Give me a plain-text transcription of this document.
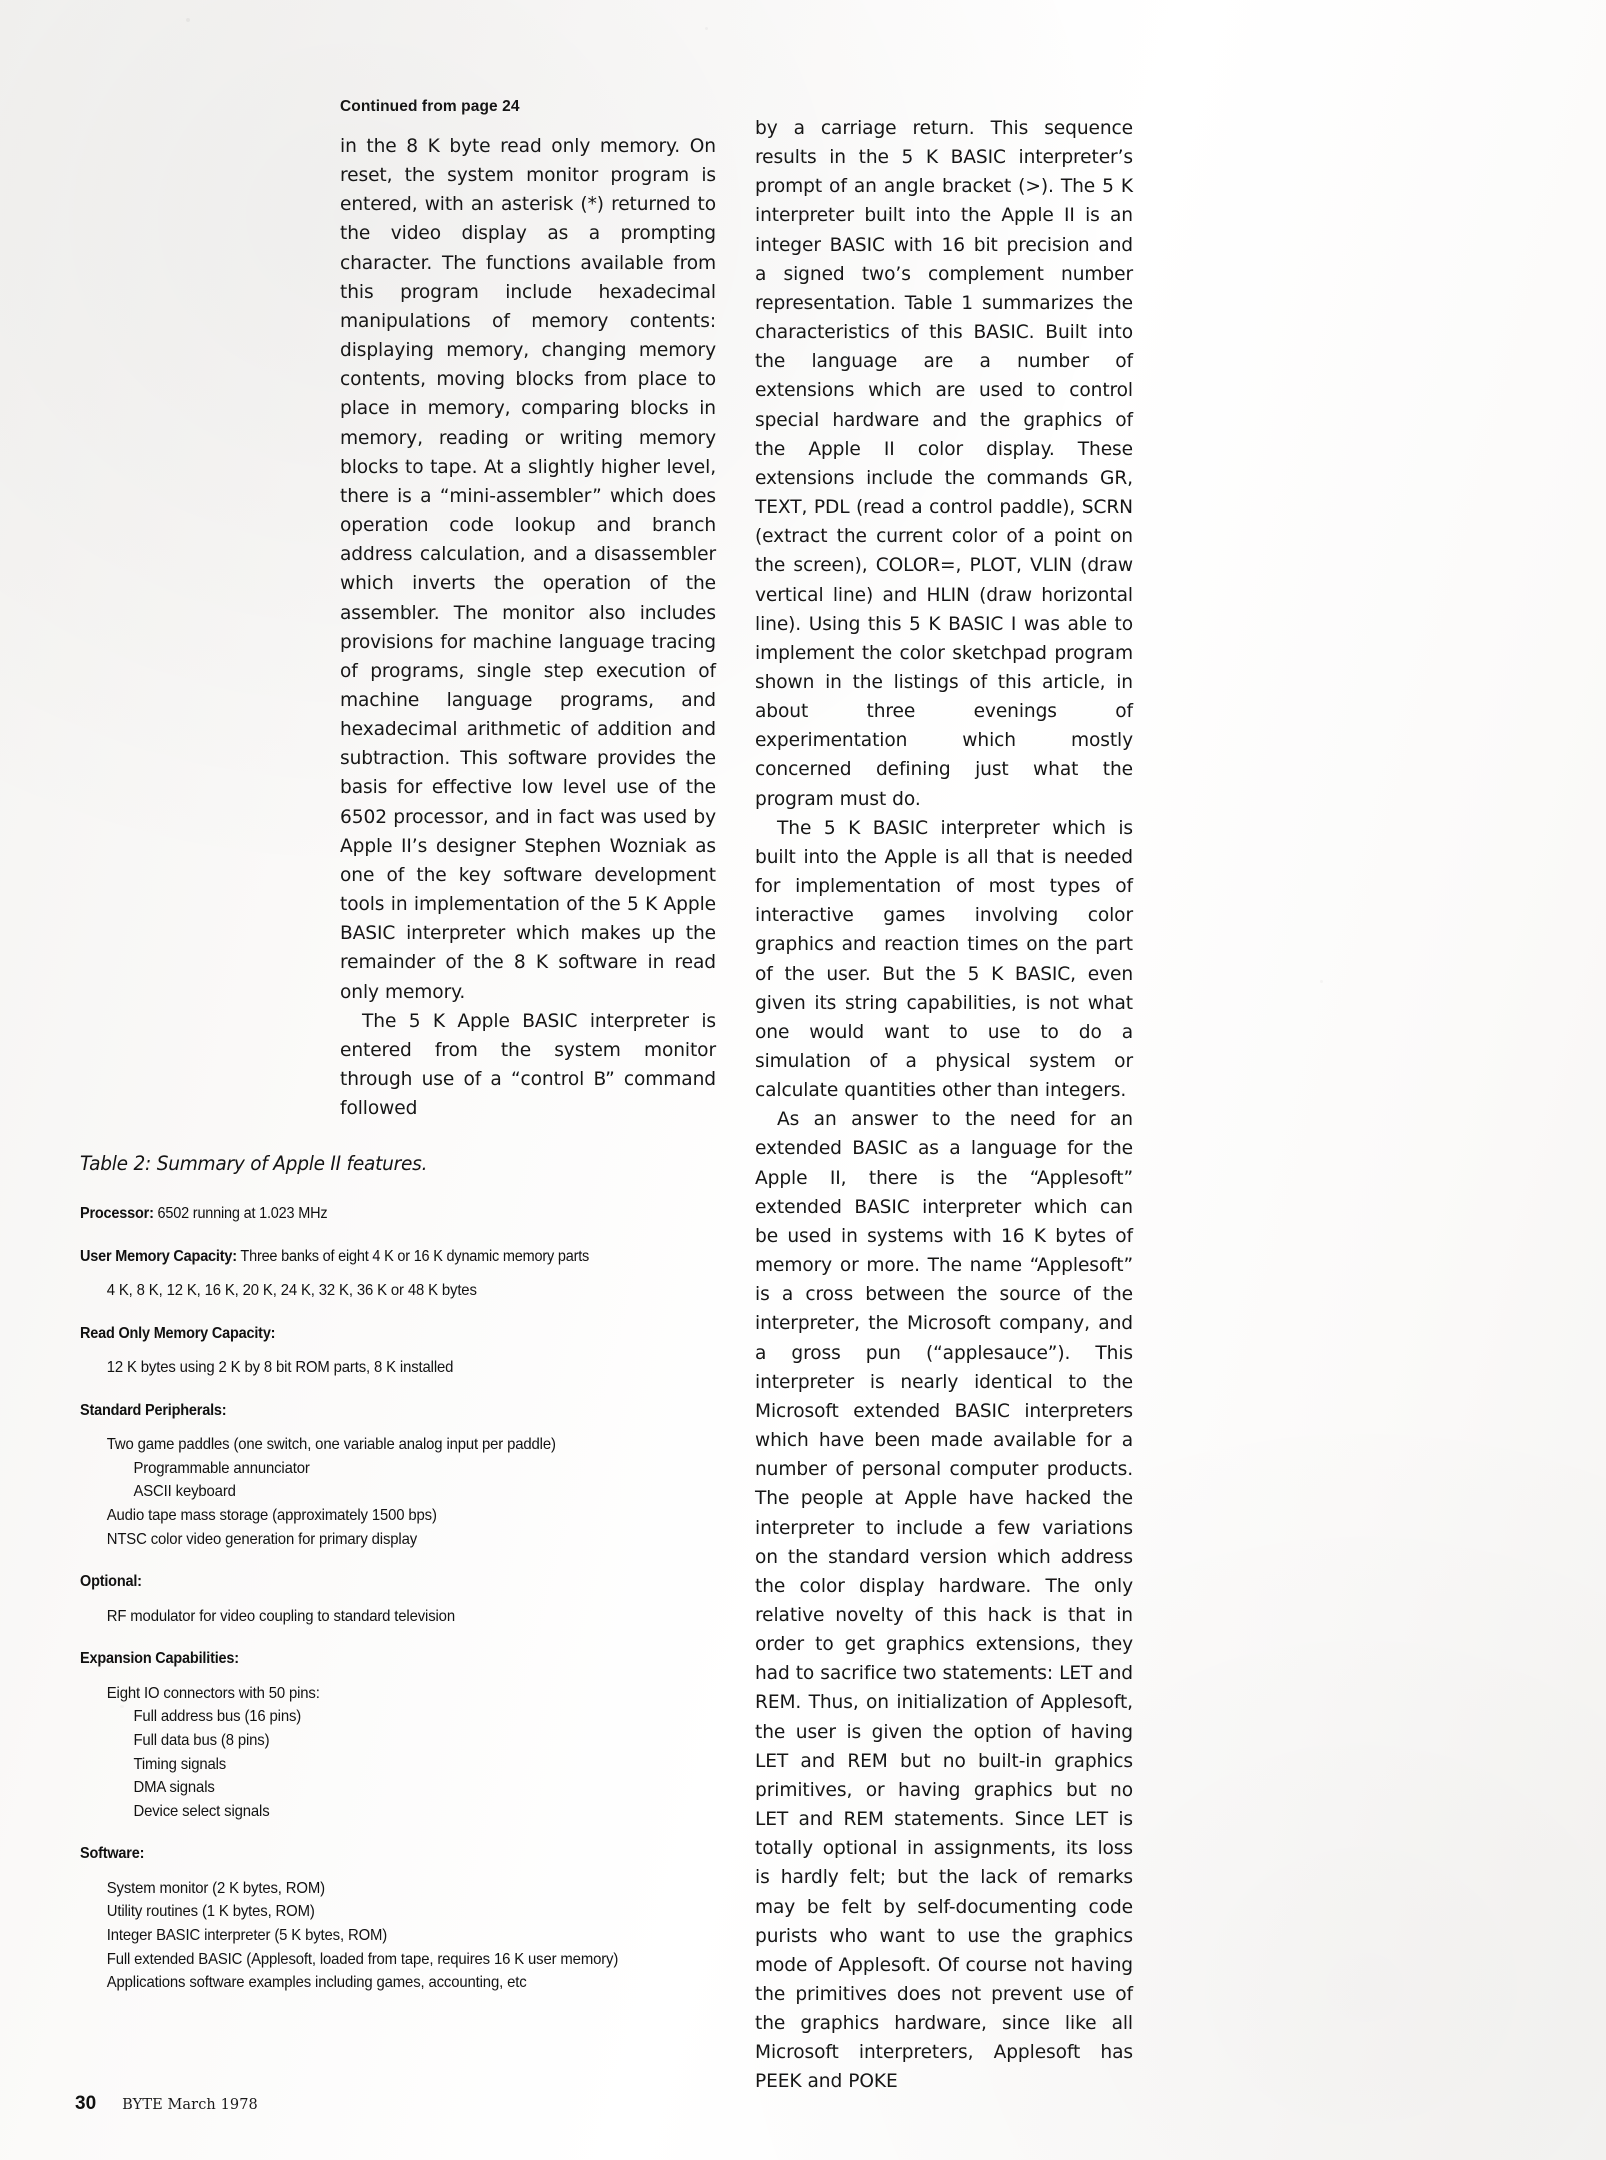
Continued from page 24

in the 8 K byte read only memory. On reset, the system monitor program is entered, with an asterisk (*) returned to the video display as a prompting character. The functions available from this program include hexadecimal manipulations of memory contents: displaying memory, changing memory contents, moving blocks from place to place in memory, comparing blocks in memory, reading or writing memory blocks to tape. At a slightly higher level, there is a “mini-assembler” which does operation code lookup and branch address calculation, and a disassembler which inverts the operation of the assembler. The monitor also includes provisions for machine language tracing of programs, single step execution of machine language programs, and hexadecimal arithmetic of addition and subtraction. This software provides the basis for effective low level use of the 6502 processor, and in fact was used by Apple II’s designer Stephen Wozniak as one of the key software development tools in implementation of the 5 K Apple BASIC interpreter which makes up the remainder of the 8 K software in read only memory.

The 5 K Apple BASIC interpreter is entered from the system monitor through use of a “control B” command followed

by a carriage return. This sequence results in the 5 K BASIC interpreter’s prompt of an angle bracket (>). The 5 K interpreter built into the Apple II is an integer BASIC with 16 bit precision and a signed two’s complement number representation. Table 1 summarizes the characteristics of this BASIC. Built into the language are a number of extensions which are used to control special hardware and the graphics of the Apple II color display. These extensions include the commands GR, TEXT, PDL (read a control paddle), SCRN (extract the current color of a point on the screen), COLOR=, PLOT, VLIN (draw vertical line) and HLIN (draw horizontal line). Using this 5 K BASIC I was able to implement the color sketchpad program shown in the listings of this article, in about three evenings of experimentation which mostly concerned defining just what the program must do.

The 5 K BASIC interpreter which is built into the Apple is all that is needed for implementation of most types of interactive games involving color graphics and reaction times on the part of the user. But the 5 K BASIC, even given its string capabilities, is not what one would want to use to do a simulation of a physical system or calculate quantities other than integers.

As an answer to the need for an extended BASIC as a language for the Apple II, there is the “Applesoft” extended BASIC interpreter which can be used in systems with 16 K bytes of memory or more. The name “Applesoft” is a cross between the source of the interpreter, the Microsoft company, and a gross pun (“applesauce”). This interpreter is nearly identical to the Microsoft extended BASIC interpreters which have been made available for a number of personal computer products. The people at Apple have hacked the interpreter to include a few variations on the standard version which address the color display hardware. The only relative novelty of this hack is that in order to get graphics extensions, they had to sacrifice two statements: LET and REM. Thus, on initialization of Applesoft, the user is given the option of having LET and REM but no built-in graphics primitives, or having graphics but no LET and REM statements. Since LET is totally optional in assignments, its loss is hardly felt; but the lack of remarks may be felt by self-documenting code purists who want to use the graphics mode of Applesoft. Of course not having the primitives does not prevent use of the graphics hardware, since like all Microsoft interpreters, Applesoft has PEEK and POKE

Table 2: Summary of Apple II features.
Processor: 6502 running at 1.023 MHz
User Memory Capacity: Three banks of eight 4 K or 16 K dynamic memory parts
4 K, 8 K, 12 K, 16 K, 20 K, 24 K, 32 K, 36 K or 48 K bytes
Read Only Memory Capacity:
12 K bytes using 2 K by 8 bit ROM parts, 8 K installed
Standard Peripherals:
Two game paddles (one switch, one variable analog input per paddle)
Programmable annunciator
ASCII keyboard
Audio tape mass storage (approximately 1500 bps)
NTSC color video generation for primary display
Optional:
RF modulator for video coupling to standard television
Expansion Capabilities:
Eight IO connectors with 50 pins:
Full address bus (16 pins)
Full data bus (8 pins)
Timing signals
DMA signals
Device select signals
Software:
System monitor (2 K bytes, ROM)
Utility routines (1 K bytes, ROM)
Integer BASIC interpreter (5 K bytes, ROM)
Full extended BASIC (Applesoft, loaded from tape, requires 16 K user memory)
Applications software examples including games, accounting, etc
30 BYTE March 1978
